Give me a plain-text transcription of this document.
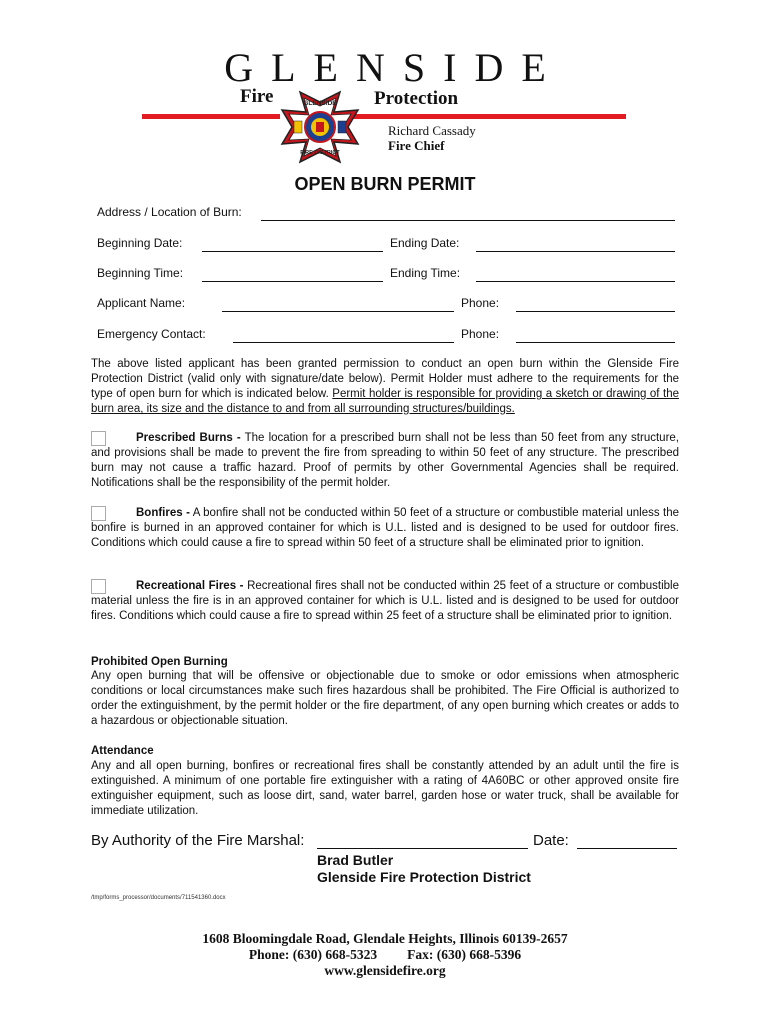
GLENSIDE
Fire	Protection
GLENSIDE
FIRE DISTRICT
Richard Cassady
Fire Chief
OPEN BURN PERMIT
Address / Location of Burn:
Beginning Date:	Ending Date:
Beginning Time:	Ending Time:
Applicant Name:	Phone:
Emergency Contact:	Phone:
The above listed applicant has been granted permission to conduct an open burn within the Glenside Fire Protection District (valid only with signature/date below). Permit Holder must adhere to the requirements for the type of open burn for which is indicated below. Permit holder is responsible for providing a sketch or drawing of the burn area, its size and the distance to and from all surrounding structures/buildings.
Prescribed Burns - The location for a prescribed burn shall not be less than 50 feet from any structure, and provisions shall be made to prevent the fire from spreading to within 50 feet of any structure. The prescribed burn may not cause a traffic hazard. Proof of permits by other Governmental Agencies shall be required. Notifications shall be the responsibility of the permit holder.
Bonfires - A bonfire shall not be conducted within 50 feet of a structure or combustible material unless the bonfire is burned in an approved container for which is U.L. listed and is designed to be used for outdoor fires. Conditions which could cause a fire to spread within 50 feet of a structure shall be eliminated prior to ignition.
Recreational Fires - Recreational fires shall not be conducted within 25 feet of a structure or combustible material unless the fire is in an approved container for which is U.L. listed and is designed to be used for outdoor fires. Conditions which could cause a fire to spread within 25 feet of a structure shall be eliminated prior to ignition.
Prohibited Open Burning
Any open burning that will be offensive or objectionable due to smoke or odor emissions when atmospheric conditions or local circumstances make such fires hazardous shall be prohibited. The Fire Official is authorized to order the extinguishment, by the permit holder or the fire department, of any open burning which creates or adds to a hazardous or objectionable situation.
Attendance
Any and all open burning, bonfires or recreational fires shall be constantly attended by an adult until the fire is extinguished. A minimum of one portable fire extinguisher with a rating of 4A60BC or other approved onsite fire extinguisher equipment, such as loose dirt, sand, water barrel, garden hose or water truck, shall be available for immediate utilization.
By Authority of the Fire Marshal:	Date:
Brad Butler
Glenside Fire Protection District
/tmp/forms_processor/documents/711541360.docx
1608 Bloomingdale Road, Glendale Heights, Illinois 60139-2657
Phone: (630) 668-5323 Fax: (630) 668-5396
www.glensidefire.org
